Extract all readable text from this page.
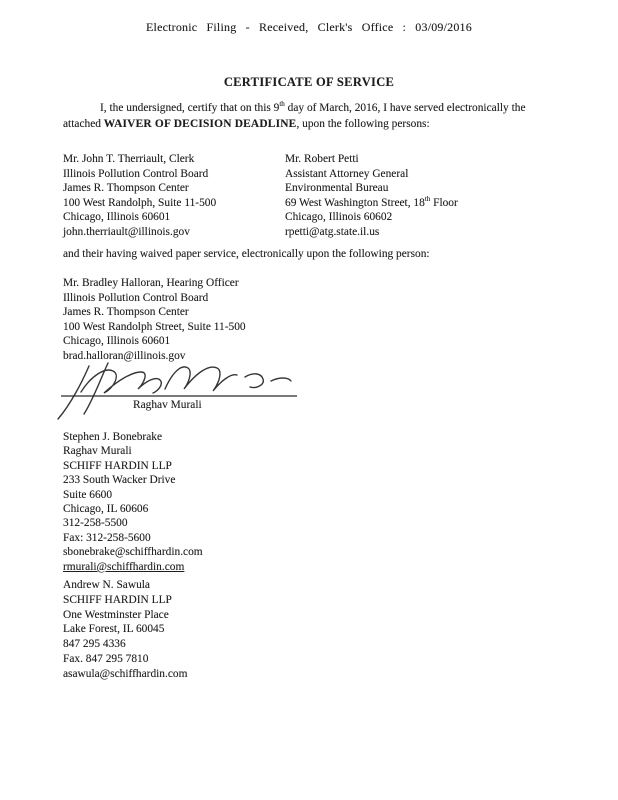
Electronic Filing - Received, Clerk's Office : 03/09/2016
CERTIFICATE OF SERVICE
I, the undersigned, certify that on this 9th day of March, 2016, I have served electronically the attached WAIVER OF DECISION DEADLINE, upon the following persons:
Mr. John T. Therriault, Clerk
Illinois Pollution Control Board
James R. Thompson Center
100 West Randolph, Suite 11-500
Chicago, Illinois 60601
john.therriault@illinois.gov
Mr. Robert Petti
Assistant Attorney General
Environmental Bureau
69 West Washington Street, 18th Floor
Chicago, Illinois 60602
rpetti@atg.state.il.us
and their having waived paper service, electronically upon the following person:
Mr. Bradley Halloran, Hearing Officer
Illinois Pollution Control Board
James R. Thompson Center
100 West Randolph Street, Suite 11-500
Chicago, Illinois 60601
brad.halloran@illinois.gov
Raghav Murali
Stephen J. Bonebrake
Raghav Murali
SCHIFF HARDIN LLP
233 South Wacker Drive
Suite 6600
Chicago, IL 60606
312-258-5500
Fax: 312-258-5600
sbonebrake@schiffhardin.com
rmurali@schiffhardin.com
Andrew N. Sawula
SCHIFF HARDIN LLP
One Westminster Place
Lake Forest, IL 60045
847 295 4336
Fax. 847 295 7810
asawula@schiffhardin.com
